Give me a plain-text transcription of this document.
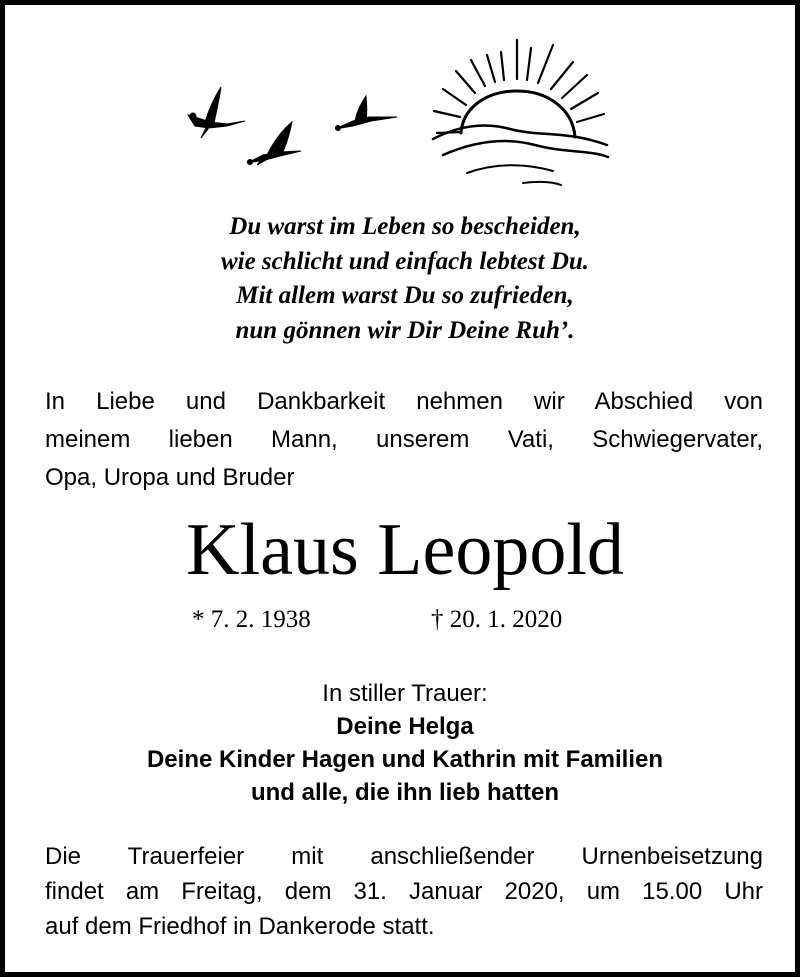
Du warst im Leben so bescheiden,
wie schlicht und einfach lebtest Du.
Mit allem warst Du so zufrieden,
nun gönnen wir Dir Deine Ruh’.
In Liebe und Dankbarkeit nehmen wir Abschied von
meinem lieben Mann, unserem Vati, Schwiegervater,
Opa, Uropa und Bruder
Klaus Leopold
* 7. 2. 1938	† 20. 1. 2020
In stiller Trauer:
Deine Helga
Deine Kinder Hagen und Kathrin mit Familien
und alle, die ihn lieb hatten
Die Trauerfeier mit anschließender Urnenbeisetzung
findet am Freitag, dem 31. Januar 2020, um 15.00 Uhr
auf dem Friedhof in Dankerode statt.
